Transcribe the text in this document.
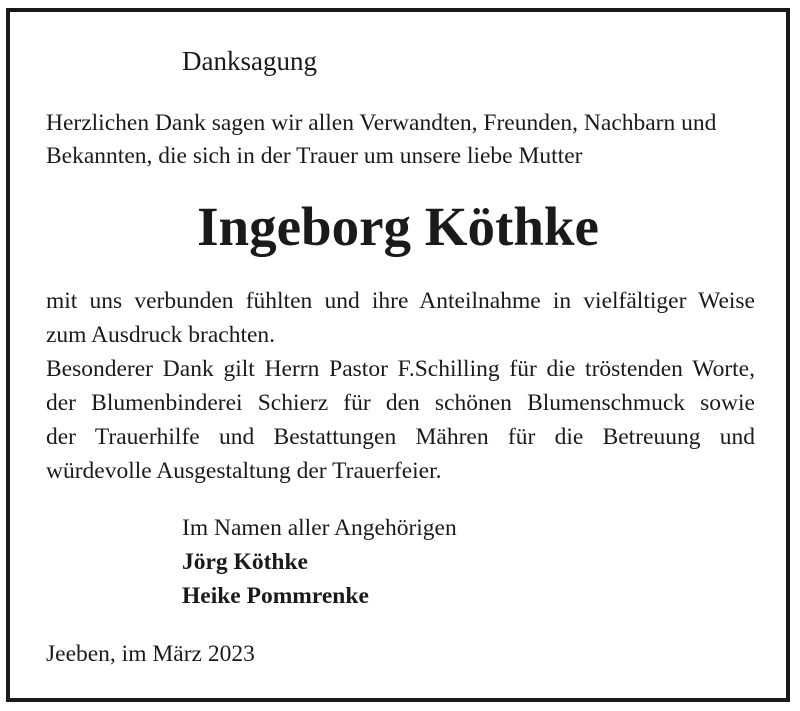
Danksagung
Herzlichen Dank sagen wir allen Verwandten, Freunden, Nachbarn und
Bekannten, die sich in der Trauer um unsere liebe Mutter
Ingeborg Köthke
mit uns verbunden fühlten und ihre Anteilnahme in vielfältiger Weise
zum Ausdruck brachten.
Besonderer Dank gilt Herrn Pastor F.Schilling für die tröstenden Worte,
der Blumenbinderei Schierz für den schönen Blumenschmuck sowie
der Trauerhilfe und Bestattungen Mähren für die Betreuung und
würdevolle Ausgestaltung der Trauerfeier.
Im Namen aller Angehörigen
Jörg Köthke
Heike Pommrenke
Jeeben, im März 2023
